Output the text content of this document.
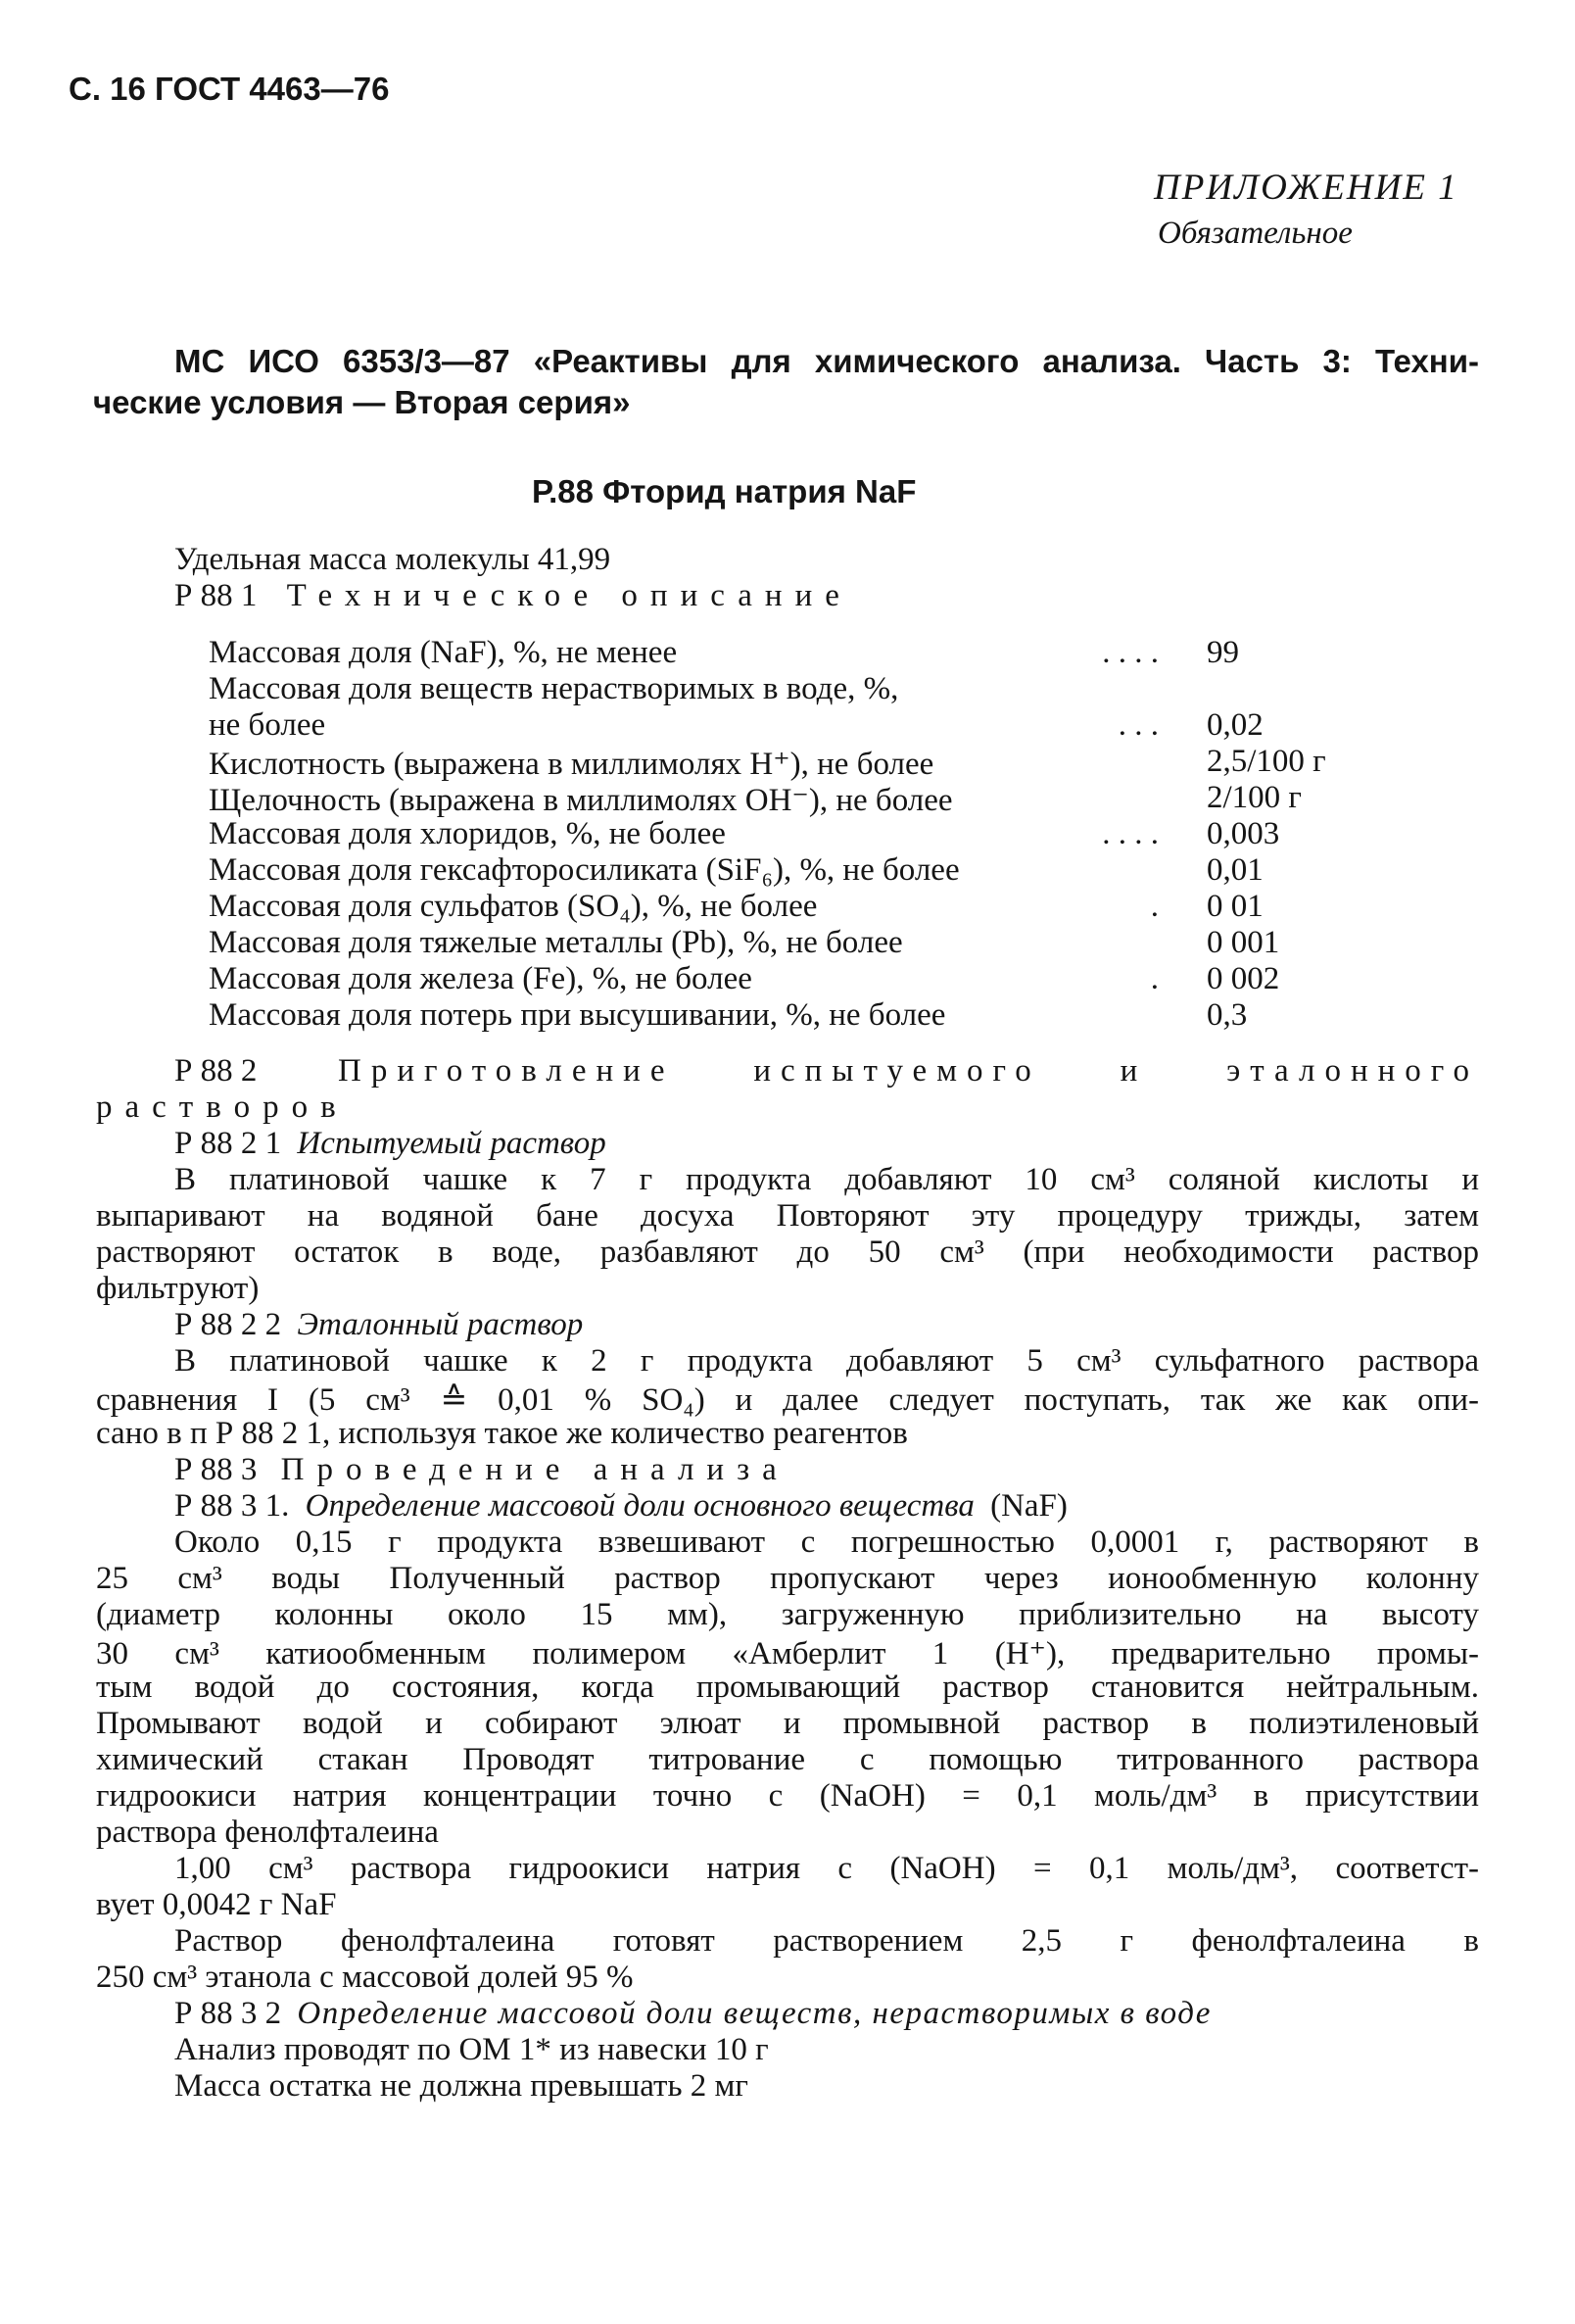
С. 16 ГОСТ 4463—76
ПРИЛОЖЕНИЕ 1
Обязательное
МС ИСО 6353/3—87 «Реактивы для химического анализа. Часть 3: Техни-
ческие условия — Вторая серия»
Р.88 Фторид натрия NaF
Удельная масса молекулы 41,99
Р 88 1 Техническое описание
Массовая доля (NaF), %, не менее	. . . . 99
Массовая доля веществ нерастворимых в воде, %,
не более	. . . 0,02
Кислотность (выражена в миллимолях H⁺), не более	2,5/100 г
Щелочность (выражена в миллимолях OH⁻), не более	2/100 г
Массовая доля хлоридов, %, не более	. . . . 0,003
Массовая доля гексафторосиликата (SiF₆), %, не более	0,01
Массовая доля сульфатов (SO₄), %, не более	. 0 01
Массовая доля тяжелые металлы (Pb), %, не более	0 001
Массовая доля железа (Fe), %, не более	. 0 002
Массовая доля потерь при высушивании, %, не более	0,3
Р 88 2	Приготовление испытуемого и эталонного
растворов
Р 88 2 1 Испытуемый раствор
В платиновой чашке к 7 г продукта добавляют 10 см³ соляной кислоты и
выпаривают на водяной бане досуха Повторяют эту процедуру трижды, затем
растворяют остаток в воде, разбавляют до 50 см³ (при необходимости раствор
фильтруют)
Р 88 2 2 Эталонный раствор
В платиновой чашке к 2 г продукта добавляют 5 см³ сульфатного раствора
сравнения I (5 см³ ≙ 0,01 % SO₄) и далее следует поступать, так же как опи-
сано в п Р 88 2 1, используя такое же количество реагентов
Р 88 3 Проведение анализа
Р 88 3 1. Определение массовой доли основного вещества (NaF)
Около 0,15 г продукта взвешивают с погрешностью 0,0001 г, растворяют в
25 см³ воды Полученный раствор пропускают через ионообменную колонну
(диаметр колонны около 15 мм), загруженную приблизительно на высоту
30 см³ катиообменным полимером «Амберлит 1 (H⁺), предварительно промы-
тым водой до состояния, когда промывающий раствор становится нейтральным.
Промывают водой и собирают элюат и промывной раствор в полиэтиленовый
химический стакан Проводят титрование с помощью титрованного раствора
гидроокиси натрия концентрации точно c (NaOH) = 0,1 моль/дм³ в присутствии
раствора фенолфталеина
1,00 см³ раствора гидроокиси натрия c (NaOH) = 0,1 моль/дм³, соответст-
вует 0,0042 г NaF
Раствор фенолфталеина готовят растворением 2,5 г фенолфталеина в
250 см³ этанола с массовой долей 95 %
Р 88 3 2 Определение массовой доли веществ, нерастворимых в воде
Анализ проводят по ОМ 1* из навески 10 г
Масса остатка не должна превышать 2 мг
